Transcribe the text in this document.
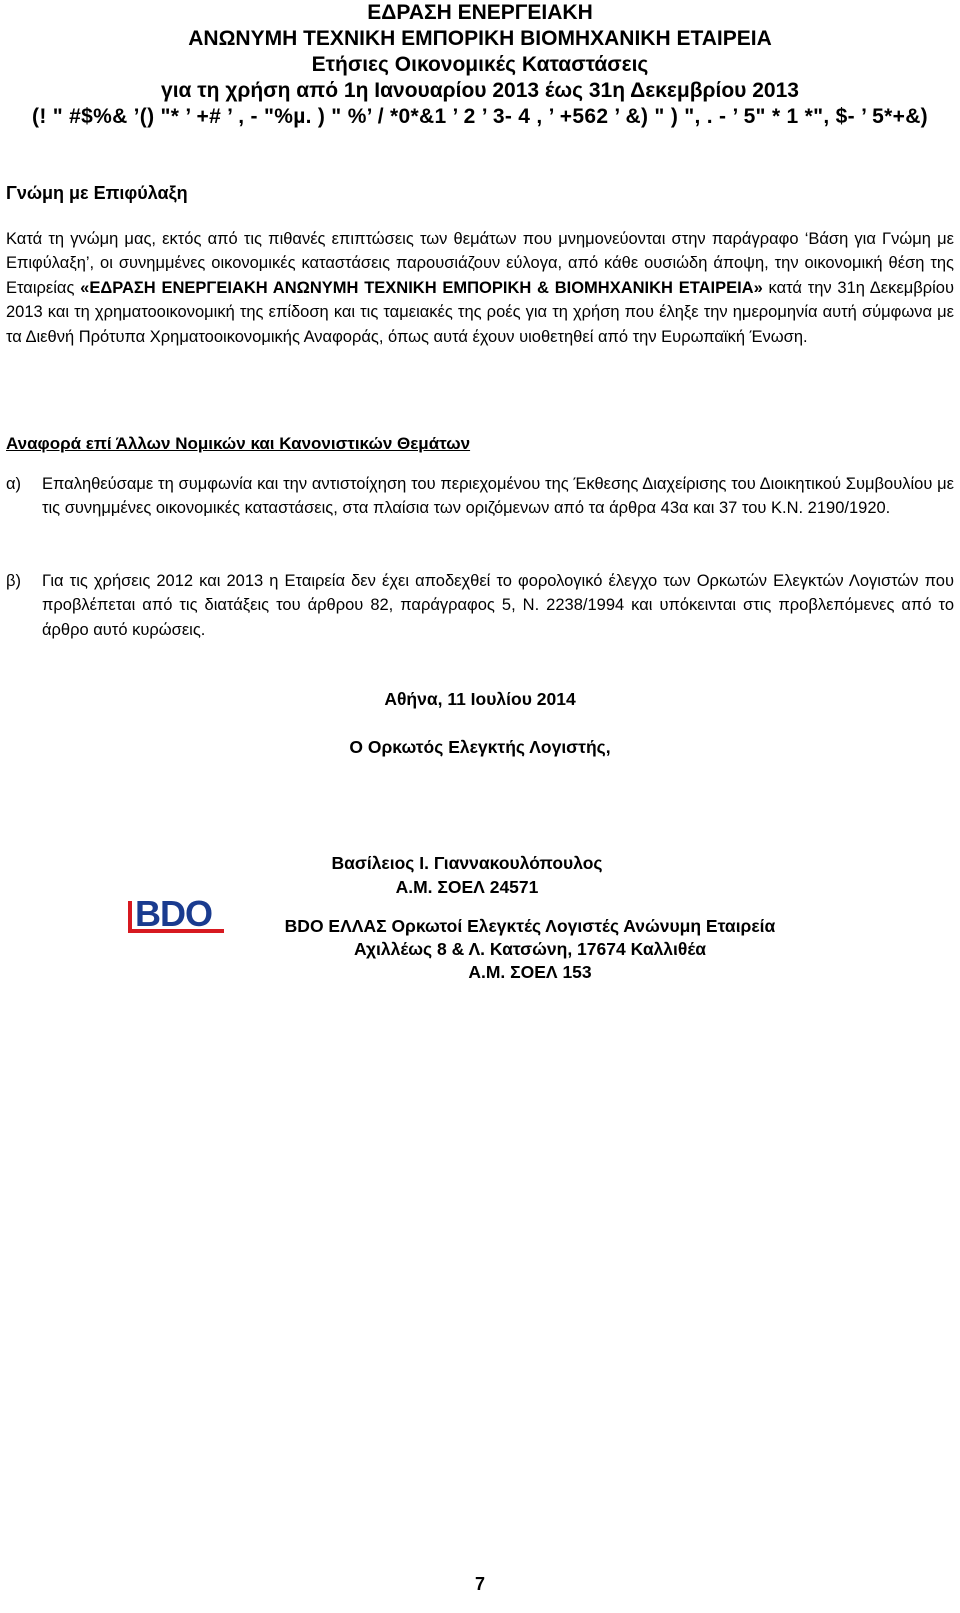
ΕΔΡΑΣΗ ΕΝΕΡΓΕΙΑΚΗ
ΑΝΩΝΥΜΗ ΤΕΧΝΙΚΗ ΕΜΠΟΡΙΚΗ ΒΙΟΜΗΧΑΝΙΚΗ ΕΤΑΙΡΕΙΑ
Ετήσιες Οικονομικές Καταστάσεις
για τη χρήση από 1η Ιανουαρίου 2013 έως 31η Δεκεμβρίου 2013
(! " #$%& ’() "* ’ +# ’ , - "%µ. ) " %’ / *0*&1 ’ 2 ’ 3- 4 , ’ +562 ’ &) " ) ", . - ’ 5" * 1 *", $- ’ 5*+&)
Γνώμη με Επιφύλαξη
Κατά τη γνώμη μας, εκτός από τις πιθανές επιπτώσεις των θεμάτων που μνημονεύονται στην παράγραφο ‘Βάση για Γνώμη με Επιφύλαξη’, οι συνημμένες οικονομικές καταστάσεις παρουσιάζουν εύλογα, από κάθε ουσιώδη άποψη, την οικονομική θέση της Εταιρείας «ΕΔΡΑΣΗ ΕΝΕΡΓΕΙΑΚΗ ΑΝΩΝΥΜΗ ΤΕΧΝΙΚΗ ΕΜΠΟΡΙΚΗ & ΒΙΟΜΗΧΑΝΙΚΗ ΕΤΑΙΡΕΙΑ» κατά την 31η Δεκεμβρίου 2013 και τη χρηματοοικονομική της επίδοση και τις ταμειακές της ροές για τη χρήση που έληξε την ημερομηνία αυτή σύμφωνα με τα Διεθνή Πρότυπα Χρηματοοικονομικής Αναφοράς, όπως αυτά έχουν υιοθετηθεί από την Ευρωπαϊκή Ένωση.
Αναφορά επί Άλλων Νομικών και Κανονιστικών Θεμάτων
α) Επαληθεύσαμε τη συμφωνία και την αντιστοίχηση του περιεχομένου της Έκθεσης Διαχείρισης του Διοικητικού Συμβουλίου με τις συνημμένες οικονομικές καταστάσεις, στα πλαίσια των οριζόμενων από τα άρθρα 43α και 37 του Κ.Ν. 2190/1920.
β) Για τις χρήσεις 2012 και 2013 η Εταιρεία δεν έχει αποδεχθεί το φορολογικό έλεγχο των Ορκωτών Ελεγκτών Λογιστών που προβλέπεται από τις διατάξεις του άρθρου 82, παράγραφος 5, Ν. 2238/1994 και υπόκεινται στις προβλεπόμενες από το άρθρο αυτό κυρώσεις.
Αθήνα, 11 Ιουλίου 2014
Ο Ορκωτός Ελεγκτής Λογιστής,
Βασίλειος Ι. Γιαννακουλόπουλος
Α.Μ. ΣΟΕΛ 24571
BDO	BDO ΕΛΛΑΣ Ορκωτοί Ελεγκτές Λογιστές Ανώνυμη Εταιρεία
Αχιλλέως 8 & Λ. Κατσώνη, 17674 Καλλιθέα
Α.Μ. ΣΟΕΛ 153
7
